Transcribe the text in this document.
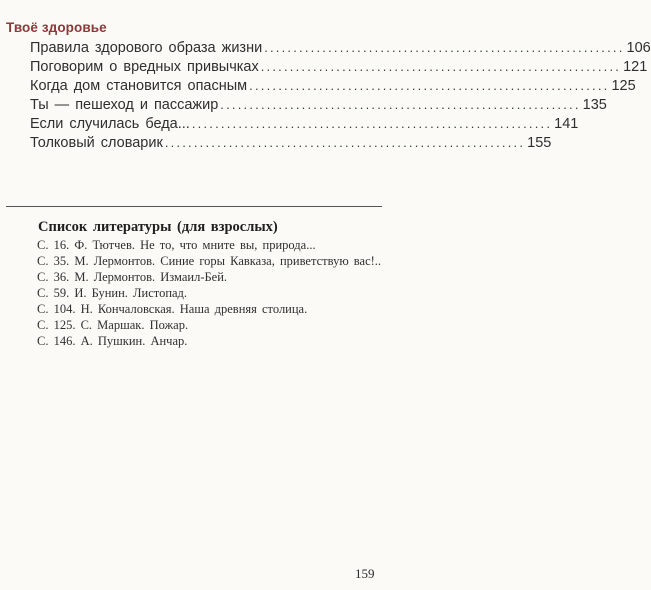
Твоё здоровье
Правила здорового образа жизни .............................................................. 106
Поговорим о вредных привычках .............................................................. 121
Когда дом становится опасным .............................................................. 125
Ты — пешеход и пассажир .............................................................. 135
Если случилась беда... .............................................................. 141
Толковый словарик .............................................................. 155
Список литературы (для взрослых)
С. 16. Ф. Тютчев. Не то, что мните вы, природа...
С. 35. М. Лермонтов. Синие горы Кавказа, приветствую вас!..
С. 36. М. Лермонтов. Измаил-Бей.
С. 59. И. Бунин. Листопад.
С. 104. Н. Кончаловская. Наша древняя столица.
С. 125. С. Маршак. Пожар.
С. 146. А. Пушкин. Анчар.
159
